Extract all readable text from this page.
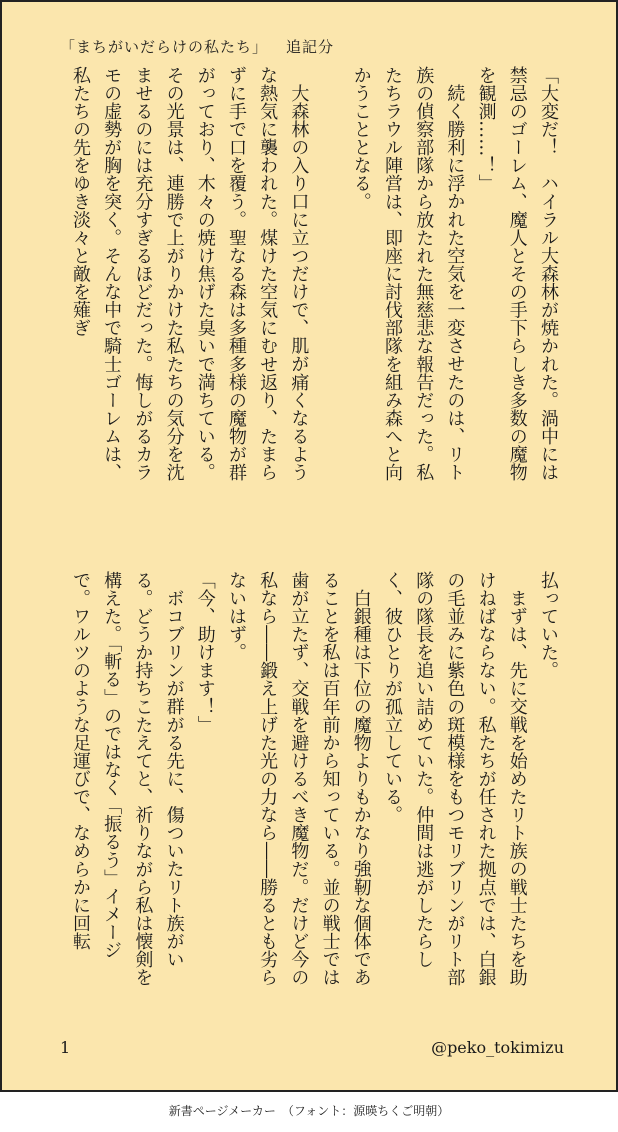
「まちがいだらけの私たち」 追記分

「大変だ！　ハイラル大森林が焼かれた。渦中には禁忌のゴーレム、魔人とその手下らしき多数の魔物を観測……！」

続く勝利に浮かれた空気を一変させたのは、リト族の偵察部隊から放たれた無慈悲な報告だった。私たちラウル陣営は、即座に討伐部隊を組み森へと向かうこととなる。

大森林の入り口に立つだけで、肌が痛くなるような熱気に襲われた。煤けた空気にむせ返り、たまらずに手で口を覆う。聖なる森は多種多様の魔物が群がっており、木々の焼け焦げた臭いで満ちている。その光景は、連勝で上がりかけた私たちの気分を沈ませるのには充分すぎるほどだった。悔しがるカラモの虚勢が胸を突く。そんな中で騎士ゴーレムは、私たちの先をゆき淡々と敵を薙ぎ

払っていた。

まずは、先に交戦を始めたリト族の戦士たちを助けねばならない。私たちが任された拠点では、白銀の毛並みに紫色の斑模様をもつモリブリンがリト部隊の隊長を追い詰めていた。仲間は逃がしたらしく、彼ひとりが孤立している。

白銀種は下位の魔物よりもかなり強靭な個体であることを私は百年前から知っている。並の戦士では歯が立たず、交戦を避けるべき魔物だ。だけど今の私なら――鍛え上げた光の力なら――勝るとも劣らないはず。

「今、助けます！」

ボコブリンが群がる先に、傷ついたリト族がいる。どうか持ちこたえてと、祈りながら私は懐剣を構えた。「斬る」のではなく「振るう」イメージで。ワルツのような足運びで、なめらかに回転

1	@peko_tokimizu
新書ページメーカー　（フォント：源暎ちくご明朝）
